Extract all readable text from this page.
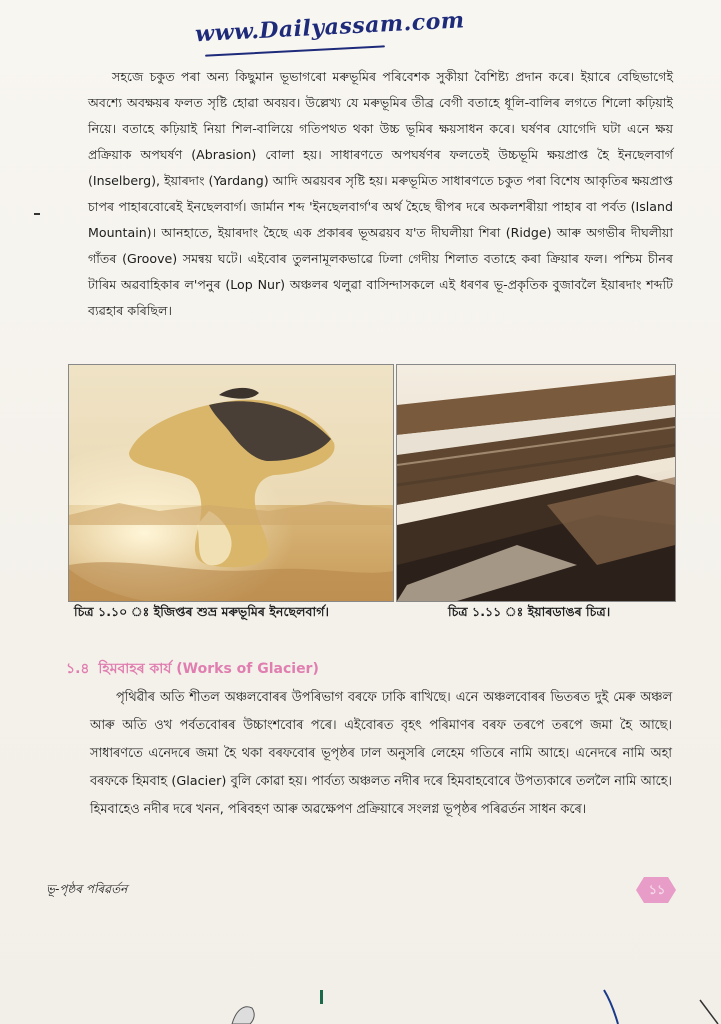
www.Dailyassam.com
সহজে চকুত পৰা অন্য কিছুমান ভূভাগৰো মৰুভূমিৰ পৰিবেশক সুকীয়া বৈশিষ্ট্য প্ৰদান কৰে। ইয়াৰে বেছিভাগেই অবশ্যে অবক্ষয়ৰ ফলত সৃষ্টি হোৱা অবয়ব। উল্লেখ্য যে মৰুভূমিৰ তীব্ৰ বেগী বতাহে ধূলি-বালিৰ লগতে শিলো কঢ়িয়াই নিয়ে। বতাহে কঢ়িয়াই নিয়া শিল-বালিয়ে গতিপথত থকা উচ্চ ভূমিৰ ক্ষয়সাধন কৰে। ঘৰ্ষণৰ যোগেদি ঘটা এনে ক্ষয় প্ৰক্ৰিয়াক অপঘৰ্ষণ (Abrasion) বোলা হয়। সাধাৰণতে অপঘৰ্ষণৰ ফলতেই উচ্চভূমি ক্ষয়প্ৰাপ্ত হৈ ইনছেলবাৰ্গ (Inselberg), ইয়াৰদাং (Yardang) আদি অৱয়বৰ সৃষ্টি হয়। মৰুভূমিত সাধাৰণতে চকুত পৰা বিশেষ আকৃতিৰ ক্ষয়প্ৰাপ্ত চাপৰ পাহাৰবোৰেই ইনছেলবাৰ্গ। জাৰ্মান শব্দ 'ইনছেলবাৰ্গ'ৰ অৰ্থ হৈছে দ্বীপৰ দৰে অকলশৰীয়া পাহাৰ বা পৰ্বত (Island Mountain)। আনহাতে, ইয়াৰদাং হৈছে এক প্ৰকাৰৰ ভূঅৱয়ব য'ত দীঘলীয়া শিৰা (Ridge) আৰু অগভীৰ দীঘলীয়া গাঁতৰ (Groove) সমন্বয় ঘটে। এইবোৰ তুলনামূলকভাৱে ঢিলা গেদীয় শিলাত বতাহে কৰা ক্ৰিয়াৰ ফল। পশ্চিম চীনৰ টাৰিম অৱবাহিকাৰ ল'পনুৰ (Lop Nur) অঞ্চলৰ থলুৱা বাসিন্দাসকলে এই ধৰণৰ ভূ-প্ৰকৃতিক বুজাবলৈ ইয়াৰদাং শব্দটি ব্যৱহাৰ কৰিছিল।
চিত্ৰ ১.১০ ঃ ইজিপ্তৰ শুভ্ৰ মৰুভূমিৰ ইনছেলবাৰ্গ।	চিত্ৰ ১.১১ ঃ ইয়াৰডাঙৰ চিত্ৰ।
১.৪ হিমবাহৰ কাৰ্য (Works of Glacier)
পৃথিৱীৰ অতি শীতল অঞ্চলবোৰৰ উপৰিভাগ বৰফে ঢাকি ৰাখিছে। এনে অঞ্চলবোৰৰ ভিতৰত দুই মেৰু অঞ্চল আৰু অতি ওখ পৰ্বতবোৰৰ উচ্চাংশবোৰ পৰে। এইবোৰত বৃহৎ পৰিমাণৰ বৰফ তৰপে তৰপে জমা হৈ আছে। সাধাৰণতে এনেদৰে জমা হৈ থকা বৰফবোৰ ভূপৃষ্ঠৰ ঢাল অনুসৰি লেহেম গতিৰে নামি আহে। এনেদৰে নামি অহা বৰফকে হিমবাহ (Glacier) বুলি কোৱা হয়। পাৰ্বত্য অঞ্চলত নদীৰ দৰে হিমবাহবোৰে উপত্যকাৰে তললৈ নামি আহে। হিমবাহেও নদীৰ দৰে খনন, পৰিবহণ আৰু অৱক্ষেপণ প্ৰক্ৰিয়াৰে সংলগ্ন ভূপৃষ্ঠৰ পৰিৱৰ্তন সাধন কৰে।
ভূ-পৃষ্ঠৰ পৰিৱৰ্তন	১১
